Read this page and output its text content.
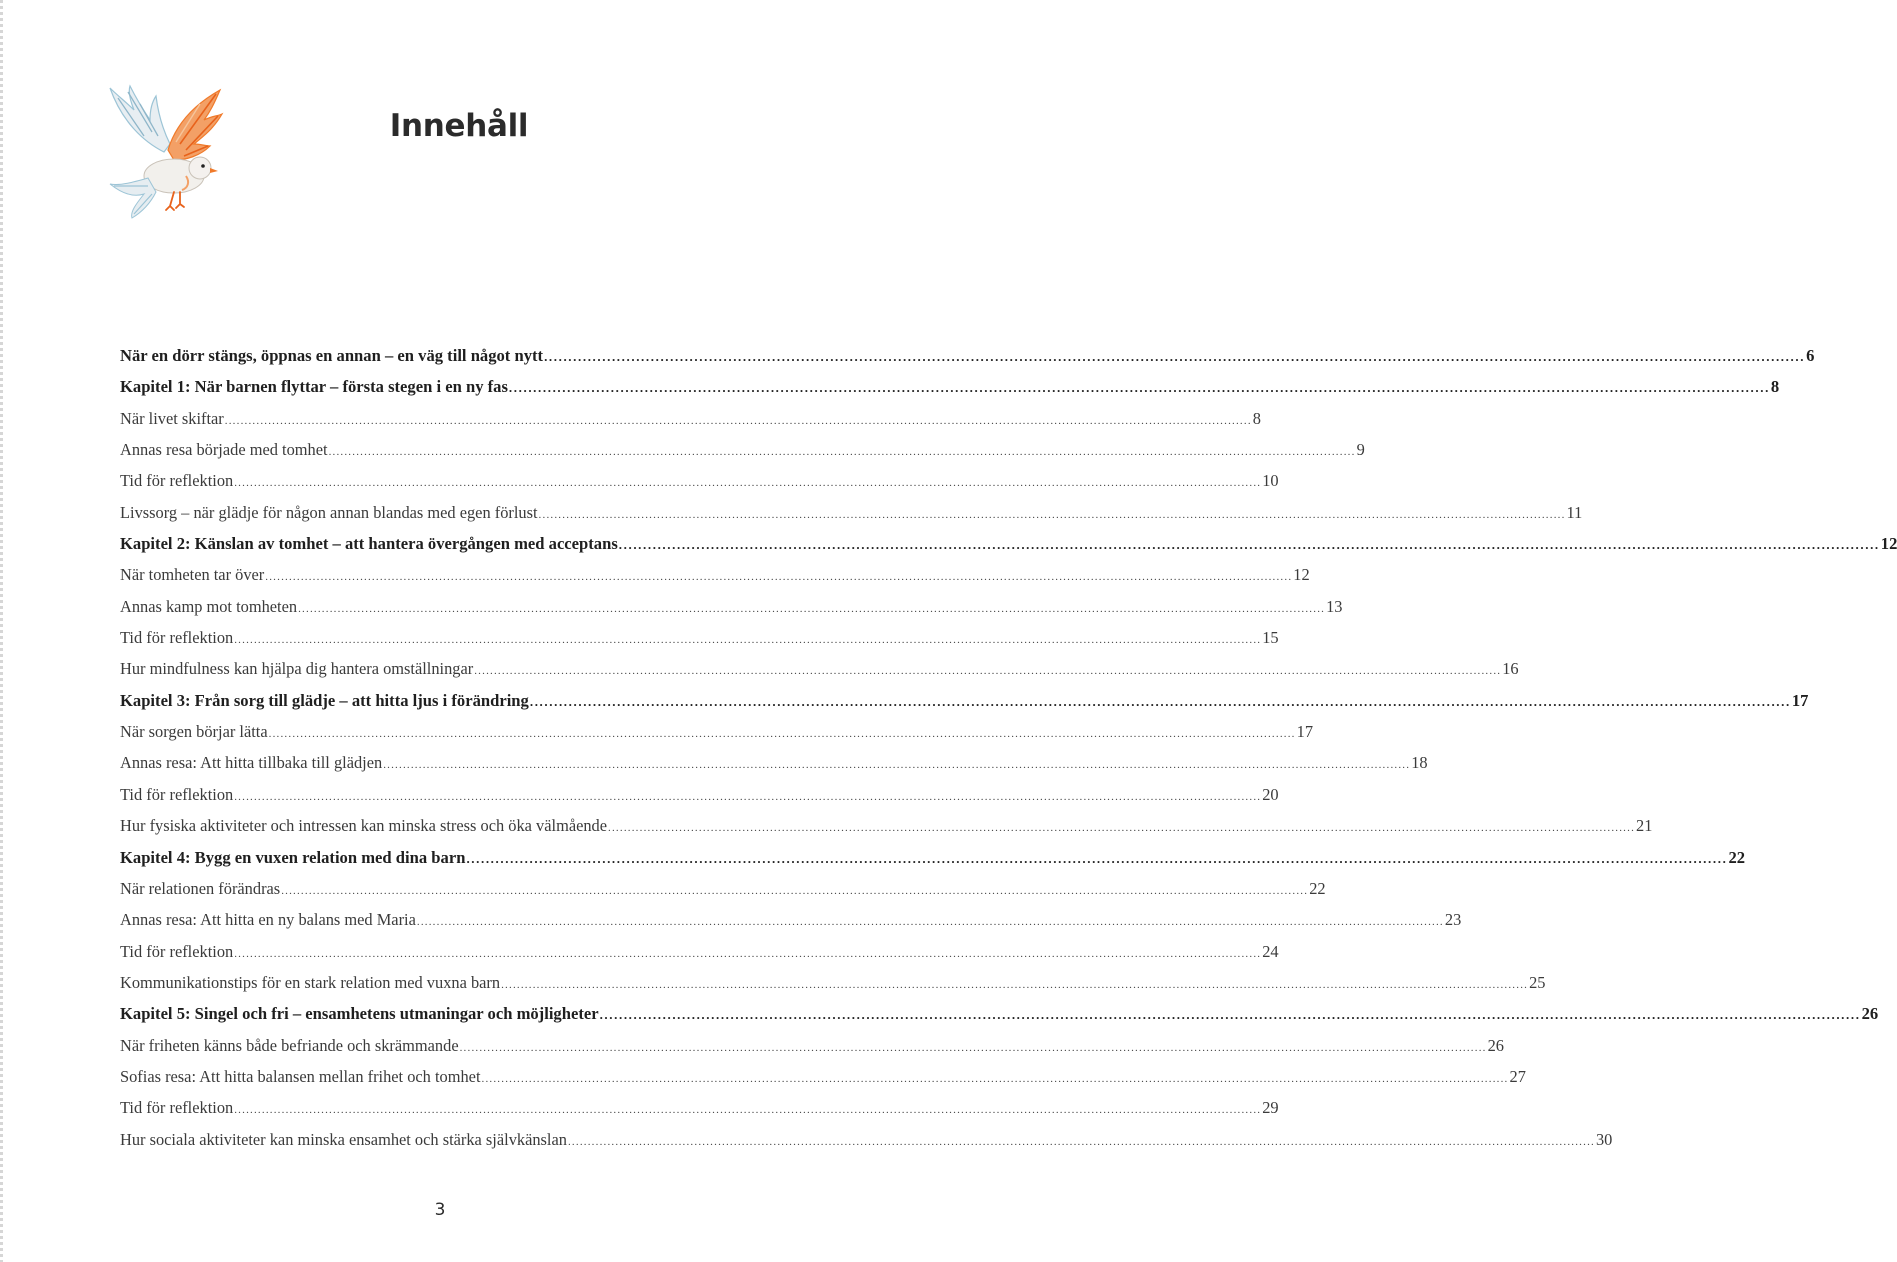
Innehåll
När en dörr stängs, öppnas en annan – en väg till något nytt .................................................................................................................................................................................................................................................................... 6
Kapitel 1: När barnen flyttar – första stegen i en ny fas .................................................................................................................................................................................................................................................................... 8
När livet skiftar .................................................................................................................................................................................................................................................................... 8
Annas resa började med tomhet .................................................................................................................................................................................................................................................................... 9
Tid för reflektion .................................................................................................................................................................................................................................................................... 10
Livssorg – när glädje för någon annan blandas med egen förlust .................................................................................................................................................................................................................................................................... 11
Kapitel 2: Känslan av tomhet – att hantera övergången med acceptans .................................................................................................................................................................................................................................................................... 12
När tomheten tar över .................................................................................................................................................................................................................................................................... 12
Annas kamp mot tomheten .................................................................................................................................................................................................................................................................... 13
Tid för reflektion .................................................................................................................................................................................................................................................................... 15
Hur mindfulness kan hjälpa dig hantera omställningar .................................................................................................................................................................................................................................................................... 16
Kapitel 3: Från sorg till glädje – att hitta ljus i förändring .................................................................................................................................................................................................................................................................... 17
När sorgen börjar lätta .................................................................................................................................................................................................................................................................... 17
Annas resa: Att hitta tillbaka till glädjen .................................................................................................................................................................................................................................................................... 18
Tid för reflektion .................................................................................................................................................................................................................................................................... 20
Hur fysiska aktiviteter och intressen kan minska stress och öka välmående .................................................................................................................................................................................................................................................................... 21
Kapitel 4: Bygg en vuxen relation med dina barn .................................................................................................................................................................................................................................................................... 22
När relationen förändras .................................................................................................................................................................................................................................................................... 22
Annas resa: Att hitta en ny balans med Maria .................................................................................................................................................................................................................................................................... 23
Tid för reflektion .................................................................................................................................................................................................................................................................... 24
Kommunikationstips för en stark relation med vuxna barn .................................................................................................................................................................................................................................................................... 25
Kapitel 5: Singel och fri – ensamhetens utmaningar och möjligheter .................................................................................................................................................................................................................................................................... 26
När friheten känns både befriande och skrämmande .................................................................................................................................................................................................................................................................... 26
Sofias resa: Att hitta balansen mellan frihet och tomhet .................................................................................................................................................................................................................................................................... 27
Tid för reflektion .................................................................................................................................................................................................................................................................... 29
Hur sociala aktiviteter kan minska ensamhet och stärka självkänslan .................................................................................................................................................................................................................................................................... 30
3
